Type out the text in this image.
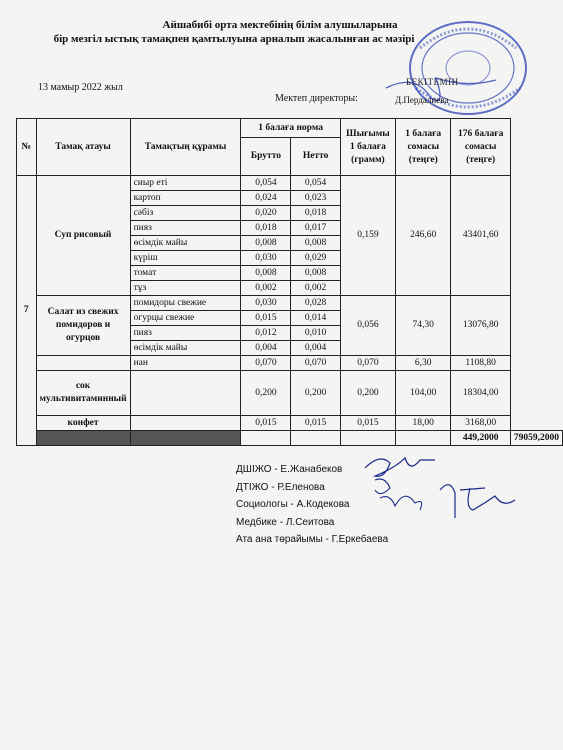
Айшабибі орта мектебінің білім алушыларына
бір мезгіл ыстық тамақпен қамтылуына арналып жасалынған ас мәзірі
БЕКІТЕМІН
13 мамыр 2022 жыл
Мектеп директоры:	Д.Пердалиева
№	Тамақ атауы	Тамақтың құрамы	1 балаға норма		Шығымы 1 балаға (грамм)	1 балаға сомасы (теңге)	176 балаға сомасы (теңге)	
			Брутто	Нетто				
7	Суп рисовый	сиыр еті	0,054	0,054	0,159	246,60	43401,60	
		картоп	0,024	0,023				
		сәбіз	0,020	0,018				
		пияз	0,018	0,017				
		өсімдік майы	0,008	0,008				
		күріш	0,030	0,029				
		томат	0,008	0,008				
		тұз	0,002	0,002				
	Салат из свежих помидоров и огурцов	помидоры свежие	0,030	0,028	0,056	74,30	13076,80	
		огурцы свежие	0,015	0,014				
		пияз	0,012	0,010				
		өсімдік майы	0,004	0,004				
		нан	0,070	0,070	0,070	6,30	1108,80	
	сок мультивитаминный		0,200	0,200	0,200	104,00	18304,00	
	конфет		0,015	0,015	0,015	18,00	3168,00	
							449,2000	79059,2000
ДШІЖО - Е.Жанабеков
ДТІЖО - Р.Еленова
Социологы - А.Кодекова
Медбике - Л.Сеитова
Ата ана төрайымы - Г.Еркебаева
